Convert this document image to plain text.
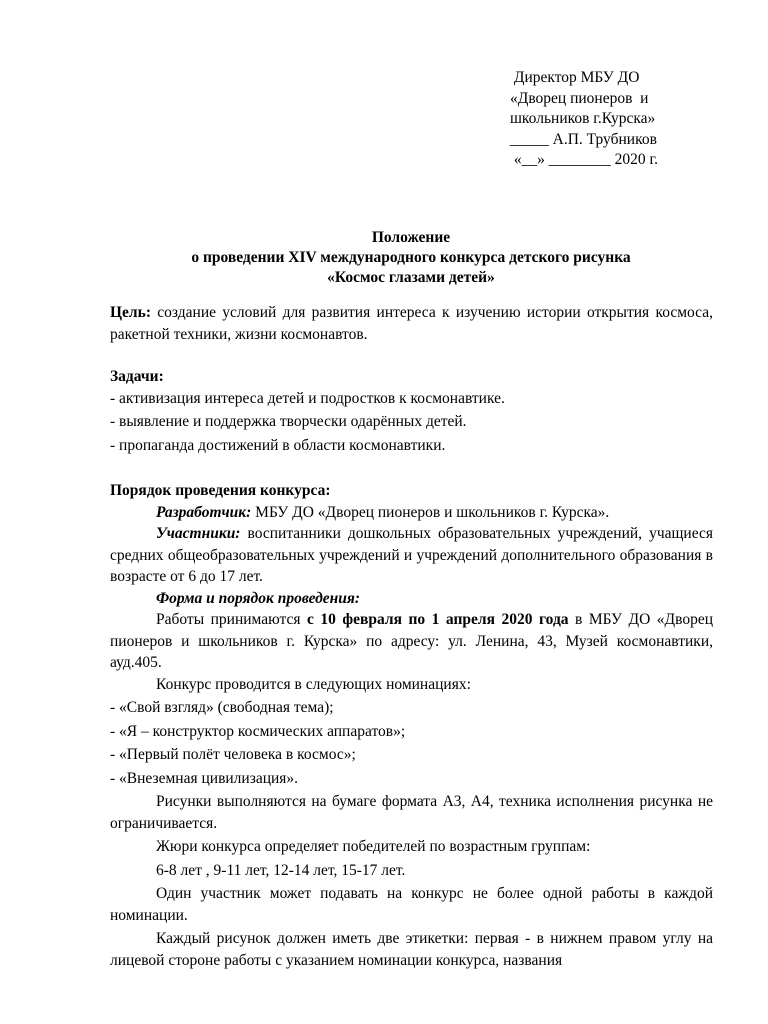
Директор МБУ ДО
«Дворец пионеров  и
школьников г.Курска»
_____ А.П. Трубников
«__» ________ 2020 г.
Положение
о проведении XIV международного конкурса детского рисунка
«Космос глазами детей»

Цель: создание условий для развития интереса к изучению истории открытия космоса, ракетной техники, жизни космонавтов.

Задачи:

- активизация интереса детей и подростков к космонавтике.

- выявление и поддержка творчески одарённых детей.

- пропаганда достижений в области космонавтики.

Порядок проведения конкурса:

Разработчик: МБУ ДО «Дворец пионеров и школьников г. Курска».

Участники: воспитанники дошкольных образовательных учреждений, учащиеся средних общеобразовательных учреждений и учреждений дополнительного образования в возрасте от 6 до 17 лет.

Форма и порядок проведения:

Работы принимаются с 10 февраля по 1 апреля 2020 года в МБУ ДО «Дворец пионеров и школьников г. Курска» по адресу: ул. Ленина, 43, Музей космонавтики, ауд.405.

Конкурс проводится в следующих номинациях:

- «Свой взгляд» (свободная тема);

- «Я – конструктор космических аппаратов»;

- «Первый полёт человека в космос»;

- «Внеземная цивилизация».

Рисунки выполняются на бумаге формата А3, А4, техника исполнения рисунка не ограничивается.

Жюри конкурса определяет победителей по возрастным группам:

6-8 лет , 9-11 лет, 12-14 лет, 15-17 лет.

Один участник может подавать на конкурс не более одной работы в каждой номинации.

Каждый рисунок должен иметь две этикетки: первая - в нижнем правом углу на лицевой стороне работы с указанием номинации конкурса, названия
